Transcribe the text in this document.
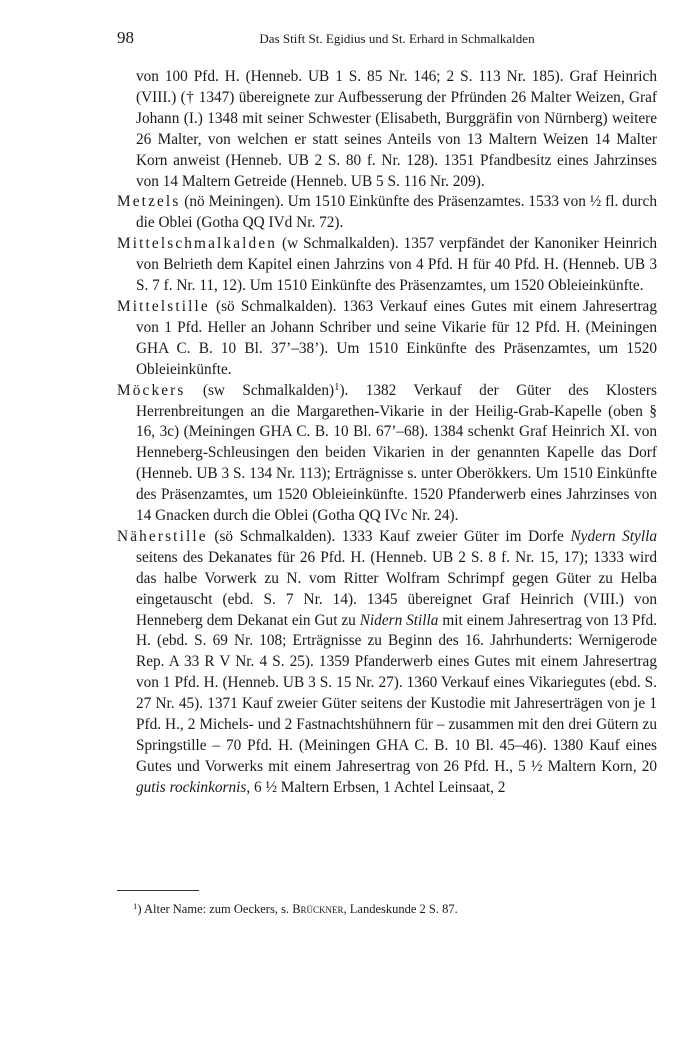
98	Das Stift St. Egidius und St. Erhard in Schmalkalden

von 100 Pfd. H. (Henneb. UB 1 S. 85 Nr. 146; 2 S. 113 Nr. 185). Graf Heinrich (VIII.) († 1347) übereignete zur Aufbesserung der Pfründen 26 Malter Weizen, Graf Johann (I.) 1348 mit seiner Schwester (Elisabeth, Burggräfin von Nürnberg) weitere 26 Malter, von welchen er statt seines Anteils von 13 Maltern Weizen 14 Malter Korn anweist (Henneb. UB 2 S. 80 f. Nr. 128). 1351 Pfandbesitz eines Jahrzinses von 14 Maltern Getreide (Henneb. UB 5 S. 116 Nr. 209).

Metzels (nö Meiningen). Um 1510 Einkünfte des Präsenzamtes. 1533 von ½ fl. durch die Oblei (Gotha QQ IVd Nr. 72).

Mittelschmalkalden (w Schmalkalden). 1357 verpfändet der Kanoniker Heinrich von Belrieth dem Kapitel einen Jahrzins von 4 Pfd. H für 40 Pfd. H. (Henneb. UB 3 S. 7 f. Nr. 11, 12). Um 1510 Einkünfte des Präsenzamtes, um 1520 Obleieinkünfte.

Mittelstille (sö Schmalkalden). 1363 Verkauf eines Gutes mit einem Jahresertrag von 1 Pfd. Heller an Johann Schriber und seine Vikarie für 12 Pfd. H. (Meiningen GHA C. B. 10 Bl. 37’–38’). Um 1510 Einkünfte des Präsenzamtes, um 1520 Obleieinkünfte.

Möckers (sw Schmalkalden)$^1$). 1382 Verkauf der Güter des Klosters Herrenbreitungen an die Margarethen-Vikarie in der Heilig-Grab-Kapelle (oben § 16, 3c) (Meiningen GHA C. B. 10 Bl. 67’–68). 1384 schenkt Graf Heinrich XI. von Henneberg-Schleusingen den beiden Vikarien in der genannten Kapelle das Dorf (Henneb. UB 3 S. 134 Nr. 113); Erträgnisse s. unter Oberökkers. Um 1510 Einkünfte des Präsenzamtes, um 1520 Obleieinkünfte. 1520 Pfanderwerb eines Jahrzinses von 14 Gnacken durch die Oblei (Gotha QQ IVc Nr. 24).

Näherstille (sö Schmalkalden). 1333 Kauf zweier Güter im Dorfe Nydern Stylla seitens des Dekanates für 26 Pfd. H. (Henneb. UB 2 S. 8 f. Nr. 15, 17); 1333 wird das halbe Vorwerk zu N. vom Ritter Wolfram Schrimpf gegen Güter zu Helba eingetauscht (ebd. S. 7 Nr. 14). 1345 übereignet Graf Heinrich (VIII.) von Henneberg dem Dekanat ein Gut zu Nidern Stilla mit einem Jahresertrag von 13 Pfd. H. (ebd. S. 69 Nr. 108; Erträgnisse zu Beginn des 16. Jahrhunderts: Wernigerode Rep. A 33 R V Nr. 4 S. 25). 1359 Pfanderwerb eines Gutes mit einem Jahresertrag von 1 Pfd. H. (Henneb. UB 3 S. 15 Nr. 27). 1360 Verkauf eines Vikariegutes (ebd. S. 27 Nr. 45). 1371 Kauf zweier Güter seitens der Kustodie mit Jahreserträgen von je 1 Pfd. H., 2 Michels- und 2 Fastnachtshühnern für – zusammen mit den drei Gütern zu Springstille – 70 Pfd. H. (Meiningen GHA C. B. 10 Bl. 45–46). 1380 Kauf eines Gutes und Vorwerks mit einem Jahresertrag von 26 Pfd. H., 5 ½ Maltern Korn, 20 gutis rockinkornis, 6 ½ Maltern Erbsen, 1 Achtel Leinsaat, 2

$^1$) Alter Name: zum Oeckers, s. Brückner, Landeskunde 2 S. 87.
